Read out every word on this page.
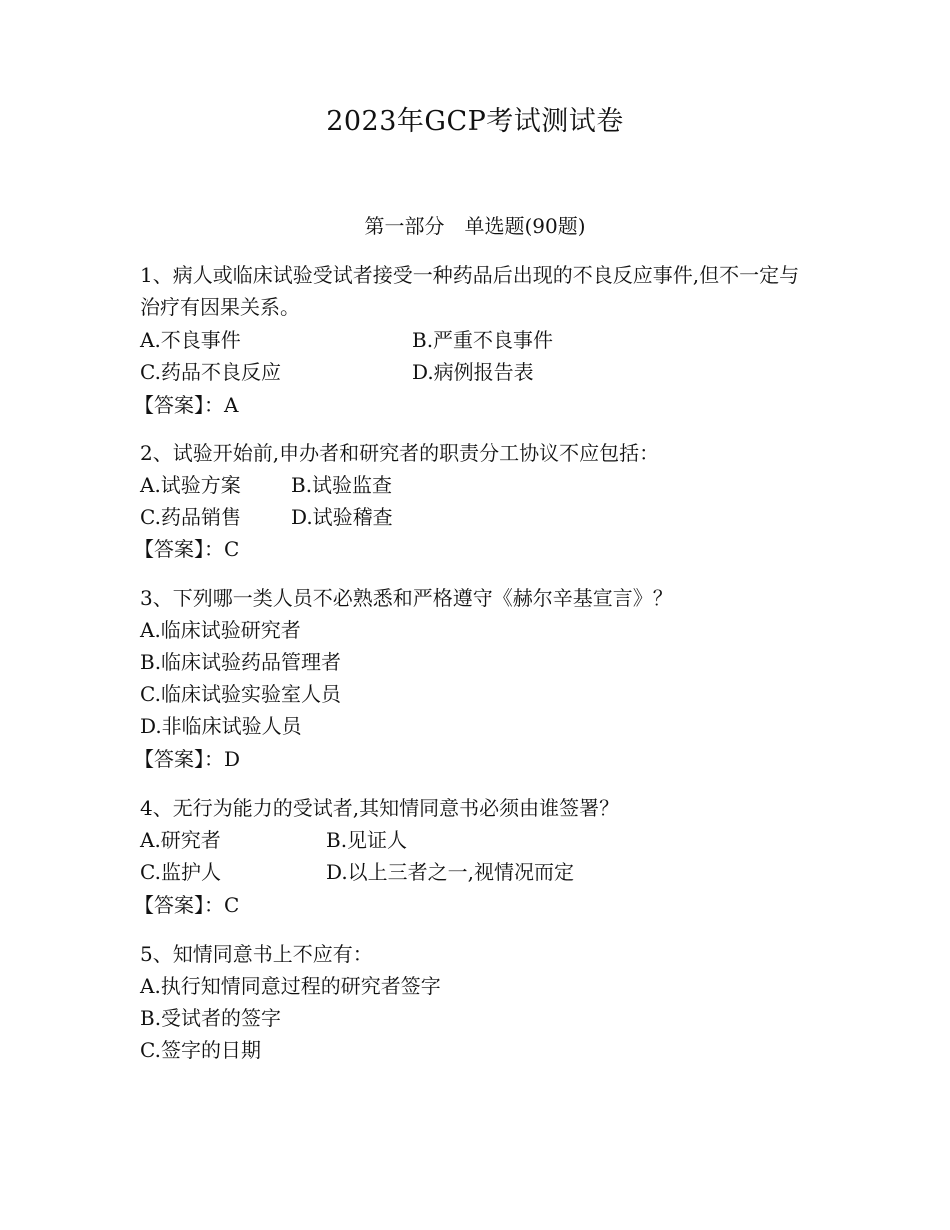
2023年GCP考试测试卷
第一部分　单选题(90题)
1、病人或临床试验受试者接受一种药品后出现的不良反应事件,但不一定与治疗有因果关系。
A.不良事件	B.严重不良事件
C.药品不良反应	D.病例报告表
【答案】：A
2、试验开始前,申办者和研究者的职责分工协议不应包括：
A.试验方案	B.试验监查
C.药品销售	D.试验稽查
【答案】：C
3、下列哪一类人员不必熟悉和严格遵守《赫尔辛基宣言》？
A.临床试验研究者
B.临床试验药品管理者
C.临床试验实验室人员
D.非临床试验人员
【答案】：D
4、无行为能力的受试者,其知情同意书必须由谁签署？
A.研究者	B.见证人
C.监护人	D.以上三者之一,视情况而定
【答案】：C
5、知情同意书上不应有：
A.执行知情同意过程的研究者签字
B.受试者的签字
C.签字的日期
